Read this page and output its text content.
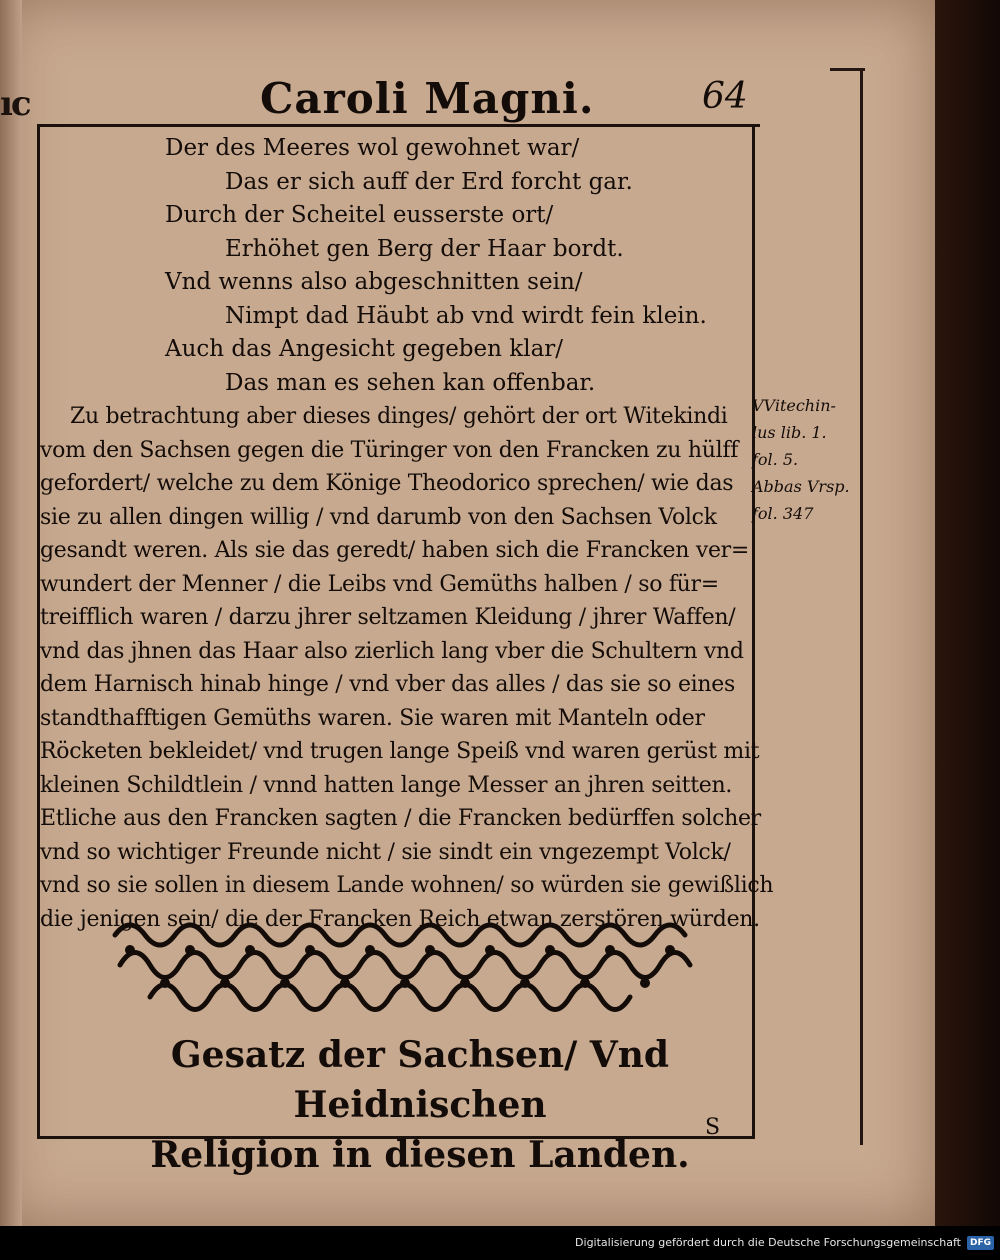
ıc	Caroli Magni.	64
Der des Meeres wol gewohnet war/
Das er sich auff der Erd forcht gar.
Durch der Scheitel eusserste ort/
Erhöhet gen Berg der Haar bordt.
Vnd wenns also abgeschnitten sein/
Nimpt dad Häubt ab vnd wirdt fein klein.
Auch das Angesicht gegeben klar/
Das man es sehen kan offenbar.
Zu betrachtung aber dieses dinges/ gehört der ort Witekindi
vom den Sachsen gegen die Türinger von den Francken zu hülff
gefordert/ welche zu dem Könige Theodorico sprechen/ wie das
sie zu allen dingen willig / vnd darumb von den Sachsen Volck
gesandt weren. Als sie das geredt/ haben sich die Francken ver=
wundert der Menner / die Leibs vnd Gemüths halben / so für=
treifflich waren / darzu jhrer seltzamen Kleidung / jhrer Waffen/
vnd das jhnen das Haar also zierlich lang vber die Schultern vnd
dem Harnisch hinab hinge / vnd vber das alles / das sie so eines
standthafftigen Gemüths waren. Sie waren mit Manteln oder
Röcketen bekleidet/ vnd trugen lange Speiß vnd waren gerüst mit
kleinen Schildtlein / vnnd hatten lange Messer an jhren seitten.
Etliche aus den Francken sagten / die Francken bedürffen solcher
vnd so wichtiger Freunde nicht / sie sindt ein vngezempt Volck/
vnd so sie sollen in diesem Lande wohnen/ so würden sie gewißlich
die jenigen sein/ die der Francken Reich etwan zerstören würden.
VVitechin-
lus lib. 1.
fol. 5.
Abbas Vrsp.
fol. 347
Gesatz der Sachsen/ Vnd Heidnischen
Religion in diesen Landen.
S
Digitalisierung gefördert durch die Deutsche Forschungsgemeinschaft DFG
